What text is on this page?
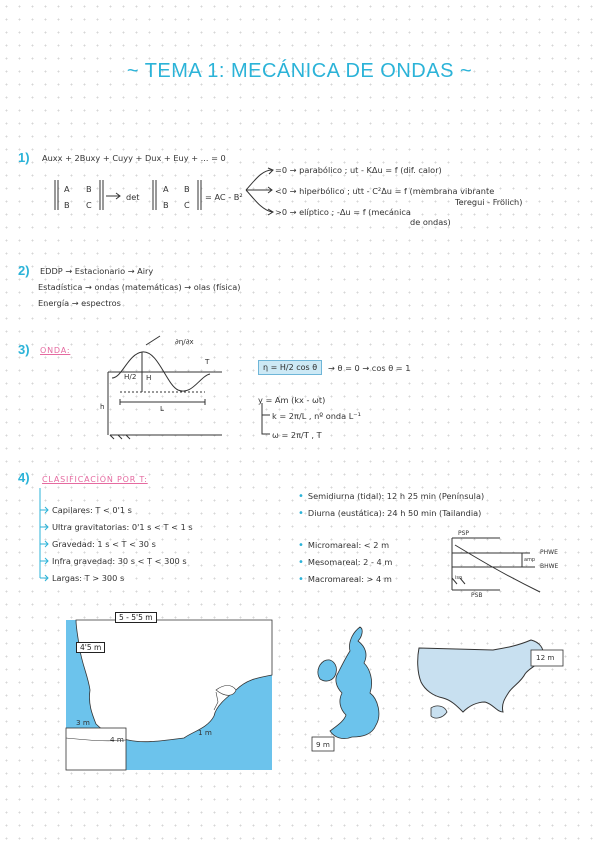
~ TEMA 1: MECÁNICA DE ONDAS ~
1) Auxx + 2Buxy + Cuyy + Dux + Euy + ... = 0
A B
B C
det
A B
B C
= AC - B²
=0 → parabólico ; ut - KΔu = f (dif. calor)
<0 → hiperbólico ; utt - C²Δu = f (membrana vibrante
Teregui - Frölich)
>0 → elíptico ; -Δu = f (mecánica
de ondas)
2) EDDP → Estacionario → Airy
Estadística → ondas (matemáticas) → olas (física)
Energía → espectros
3) ONDA:
∂η/∂x
T
H/2 H
L
h
η = H/2 cos θ	→ θ = 0 → cos θ = 1
y = Am (kx - ωt)
k = 2π/L , nº onda L⁻¹
ω = 2π/T , T
4) CLASIFICACIÓN POR T:
Capilares: T < 0'1 s
Ultra gravitatorias: 0'1 s < T < 1 s
Gravedad: 1 s < T < 30 s
Infra gravedad: 30 s < T < 300 s
Largas: T > 300 s
• Semidiurna (tidal): 12 h 25 min (Península)
• Diurna (eustática): 24 h 50 min (Tailandia)
• Micromareal: < 2 m
• Mesomareal: 2 - 4 m
• Macromareal: > 4 m
PSP
PSB
PHWE
BHWE
amp
iso
5 - 5'5 m
4'5 m
3 m
4 m
1 m
9 m
12 m
